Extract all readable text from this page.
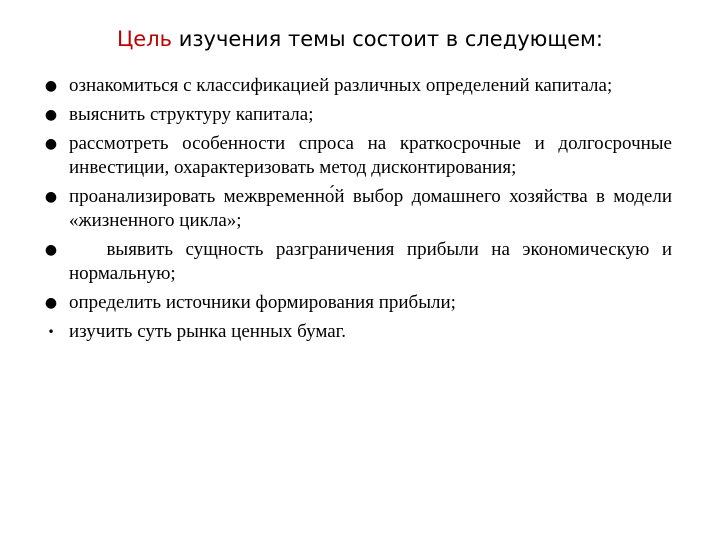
Цель изучения темы состоит в следующем:
● ознакомиться с классификацией различных определений капитала;
● выяснить структуру капитала;
● рассмотреть особенности спроса на краткосрочные и долгосрочные инвестиции, охарактеризовать метод дисконтирования;
● проанализировать межвременно́й выбор домашнего хозяйства в модели «жизненного цикла»;
● выявить сущность разграничения прибыли на экономическую и нормальную;
● определить источники формирования прибыли;
• изучить суть рынка ценных бумаг.
